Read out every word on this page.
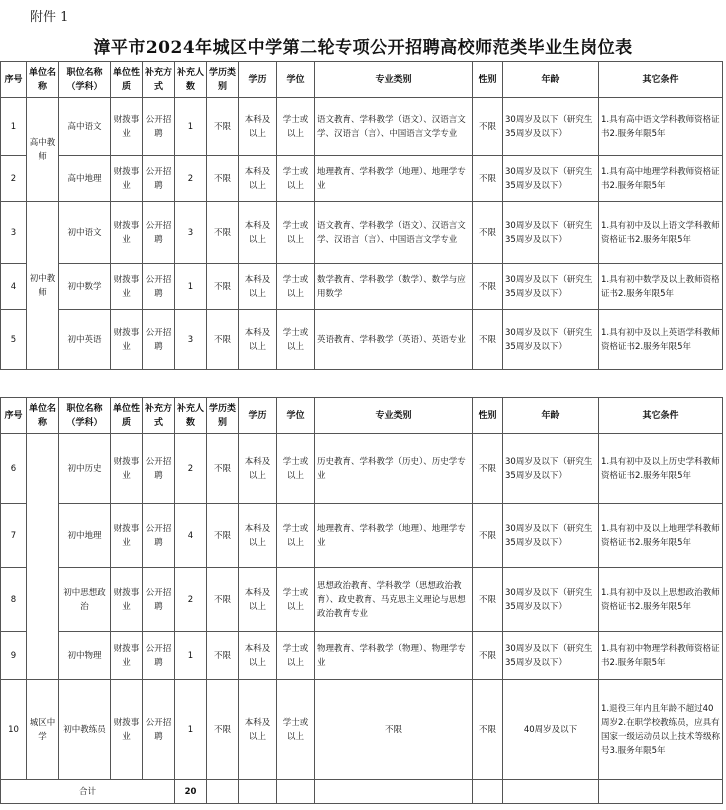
附件 1
漳平市2024年城区中学第二轮专项公开招聘高校师范类毕业生岗位表
序号	单位名称	职位名称（学科）	单位性质	补充方式	补充人数	学历类别	学历	学位	专业类别	性别	年龄	其它条件
1	高中教师	高中语文	财拨事业	公开招聘	1	不限	本科及以上	学士或以上	语文教育、学科教学（语文）、汉语言文学、汉语言（言）、中国语言文学专业	不限	30周岁及以下（研究生35周岁及以下）	1.具有高中语文学科教师资格证书2.服务年限5年
2		高中地理	财拨事业	公开招聘	2	不限	本科及以上	学士或以上	地理教育、学科教学（地理）、地理学专业	不限	30周岁及以下（研究生35周岁及以下）	1.具有高中地理学科教师资格证书2.服务年限5年
3	初中教师	初中语文	财拨事业	公开招聘	3	不限	本科及以上	学士或以上	语文教育、学科教学（语文）、汉语言文学、汉语言（言）、中国语言文学专业	不限	30周岁及以下（研究生35周岁及以下）	1.具有初中及以上语文学科教师资格证书2.服务年限5年
4		初中数学	财拨事业	公开招聘	1	不限	本科及以上	学士或以上	数学教育、学科教学（数学）、数学与应用数学	不限	30周岁及以下（研究生35周岁及以下）	1.具有初中数学及以上教师资格证书2.服务年限5年
5		初中英语	财拨事业	公开招聘	3	不限	本科及以上	学士或以上	英语教育、学科教学（英语）、英语专业	不限	30周岁及以下（研究生35周岁及以下）	1.具有初中及以上英语学科教师资格证书2.服务年限5年
序号	单位名称	职位名称（学科）	单位性质	补充方式	补充人数	学历类别	学历	学位	专业类别	性别	年龄	其它条件
6		初中历史	财拨事业	公开招聘	2	不限	本科及以上	学士或以上	历史教育、学科教学（历史）、历史学专业	不限	30周岁及以下（研究生35周岁及以下）	1.具有初中及以上历史学科教师资格证书2.服务年限5年
7		初中地理	财拨事业	公开招聘	4	不限	本科及以上	学士或以上	地理教育、学科教学（地理）、地理学专业	不限	30周岁及以下（研究生35周岁及以下）	1.具有初中及以上地理学科教师资格证书2.服务年限5年
8		初中思想政治	财拨事业	公开招聘	2	不限	本科及以上	学士或以上	思想政治教育、学科教学（思想政治教育）、政史教育、马克思主义理论与思想政治教育专业	不限	30周岁及以下（研究生35周岁及以下）	1.具有初中及以上思想政治教师资格证书2.服务年限5年
9		初中物理	财拨事业	公开招聘	1	不限	本科及以上	学士或以上	物理教育、学科教学（物理）、物理学专业	不限	30周岁及以下（研究生35周岁及以下）	1.具有初中物理学科教师资格证书2.服务年限5年
10	城区中学	初中教练员	财拨事业	公开招聘	1	不限	本科及以上	学士或以上	不限	不限	40周岁及以下	1.退役三年内且年龄不超过40周岁2.在职学校教练员，应具有国家一级运动员以上技术等级称号3.服务年限5年
合计					20							
